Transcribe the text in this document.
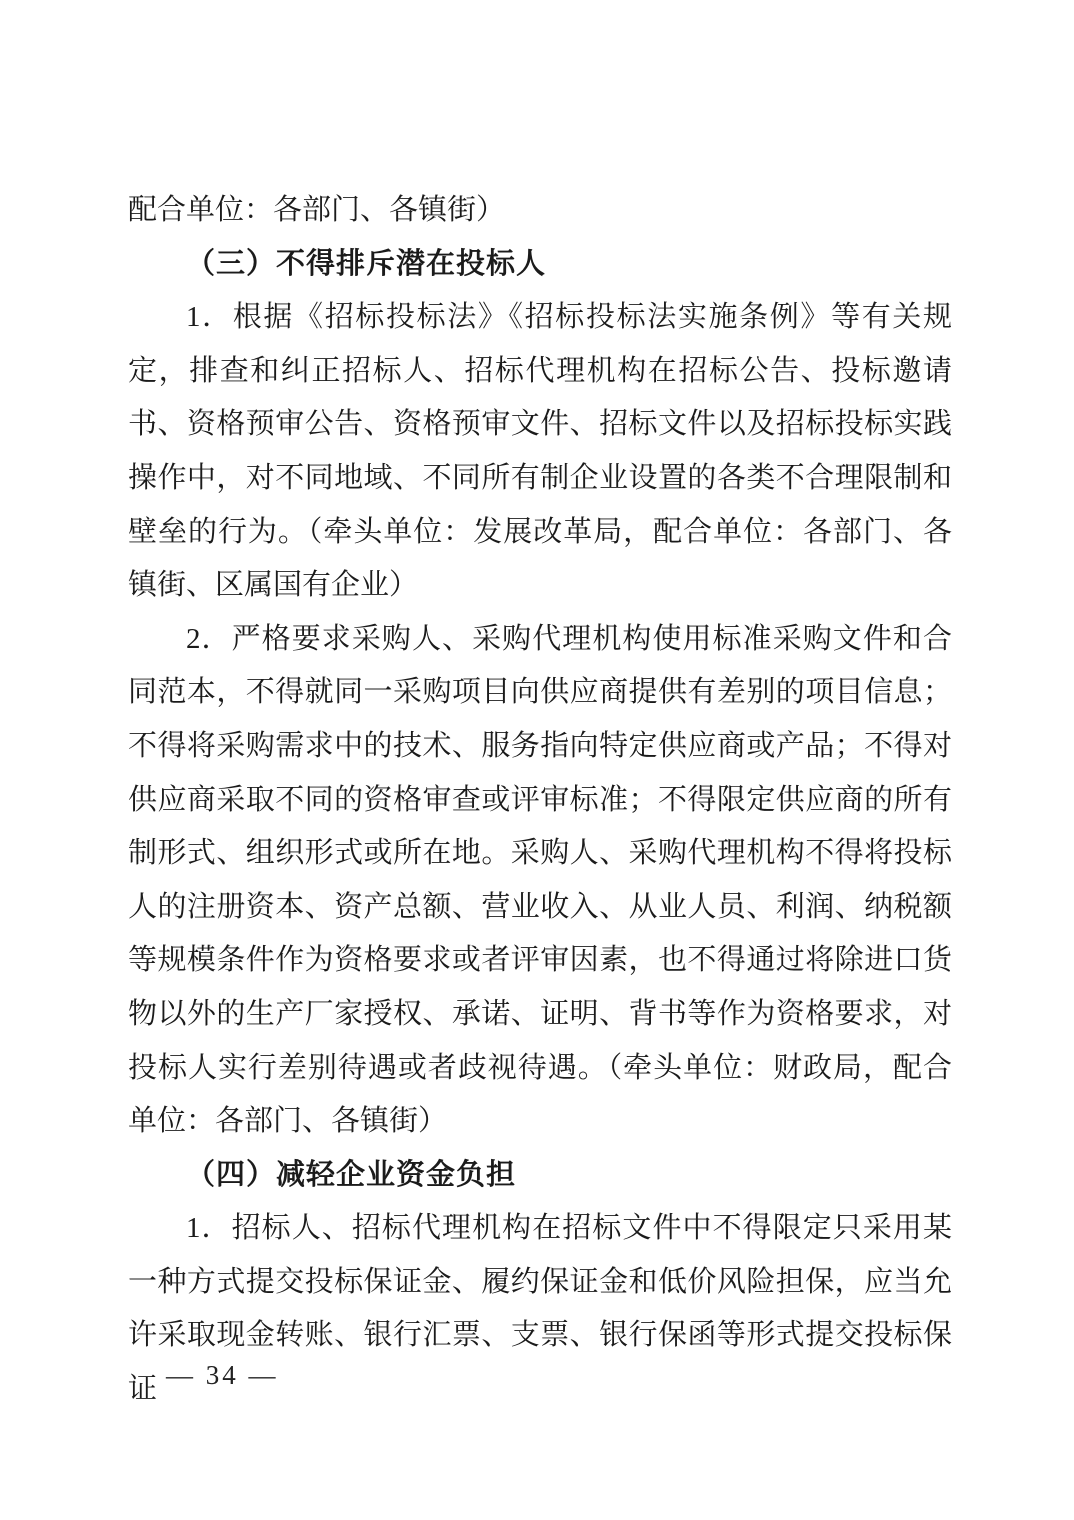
配合单位：各部门、各镇街）

（三）不得排斥潜在投标人

1．根据《招标投标法》《招标投标法实施条例》等有关规定，排查和纠正招标人、招标代理机构在招标公告、投标邀请书、资格预审公告、资格预审文件、招标文件以及招标投标实践操作中，对不同地域、不同所有制企业设置的各类不合理限制和壁垒的行为。（牵头单位：发展改革局，配合单位：各部门、各镇街、区属国有企业）

2．严格要求采购人、采购代理机构使用标准采购文件和合同范本，不得就同一采购项目向供应商提供有差别的项目信息；不得将采购需求中的技术、服务指向特定供应商或产品；不得对供应商采取不同的资格审查或评审标准；不得限定供应商的所有制形式、组织形式或所在地。采购人、采购代理机构不得将投标人的注册资本、资产总额、营业收入、从业人员、利润、纳税额等规模条件作为资格要求或者评审因素，也不得通过将除进口货物以外的生产厂家授权、承诺、证明、背书等作为资格要求，对投标人实行差别待遇或者歧视待遇。（牵头单位：财政局，配合单位：各部门、各镇街）

（四）减轻企业资金负担

1．招标人、招标代理机构在招标文件中不得限定只采用某一种方式提交投标保证金、履约保证金和低价风险担保，应当允许采取现金转账、银行汇票、支票、银行保函等形式提交投标保证 — 34 —
